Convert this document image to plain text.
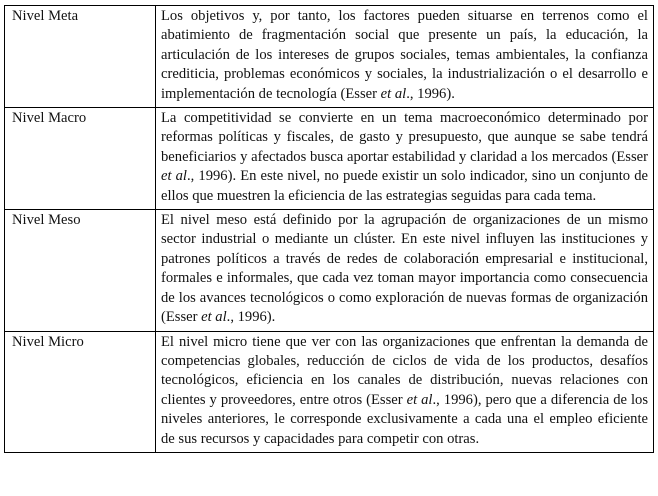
Nivel Meta	Los objetivos y, por tanto, los factores pueden situarse en terrenos como el abatimiento de fragmentación social que presente un país, la educación, la articulación de los intereses de grupos sociales, temas ambientales, la confianza crediticia, problemas económicos y sociales, la industrialización o el desarrollo e implementación de tecnología (Esser et al., 1996).
Nivel Macro	La competitividad se convierte en un tema macroeconómico determinado por reformas políticas y fiscales, de gasto y presupuesto, que aunque se sabe tendrá beneficiarios y afectados busca aportar estabilidad y claridad a los mercados (Esser et al., 1996). En este nivel, no puede existir un solo indicador, sino un conjunto de ellos que muestren la eficiencia de las estrategias seguidas para cada tema.
Nivel Meso	El nivel meso está definido por la agrupación de organizaciones de un mismo sector industrial o mediante un clúster. En este nivel influyen las instituciones y patrones políticos a través de redes de colaboración empresarial e institucional, formales e informales, que cada vez toman mayor importancia como consecuencia de los avances tecnológicos o como exploración de nuevas formas de organización (Esser et al., 1996).
Nivel Micro	El nivel micro tiene que ver con las organizaciones que enfrentan la demanda de competencias globales, reducción de ciclos de vida de los productos, desafíos tecnológicos, eficiencia en los canales de distribución, nuevas relaciones con clientes y proveedores, entre otros (Esser et al., 1996), pero que a diferencia de los niveles anteriores, le corresponde exclusivamente a cada una el empleo eficiente de sus recursos y capacidades para competir con otras.
